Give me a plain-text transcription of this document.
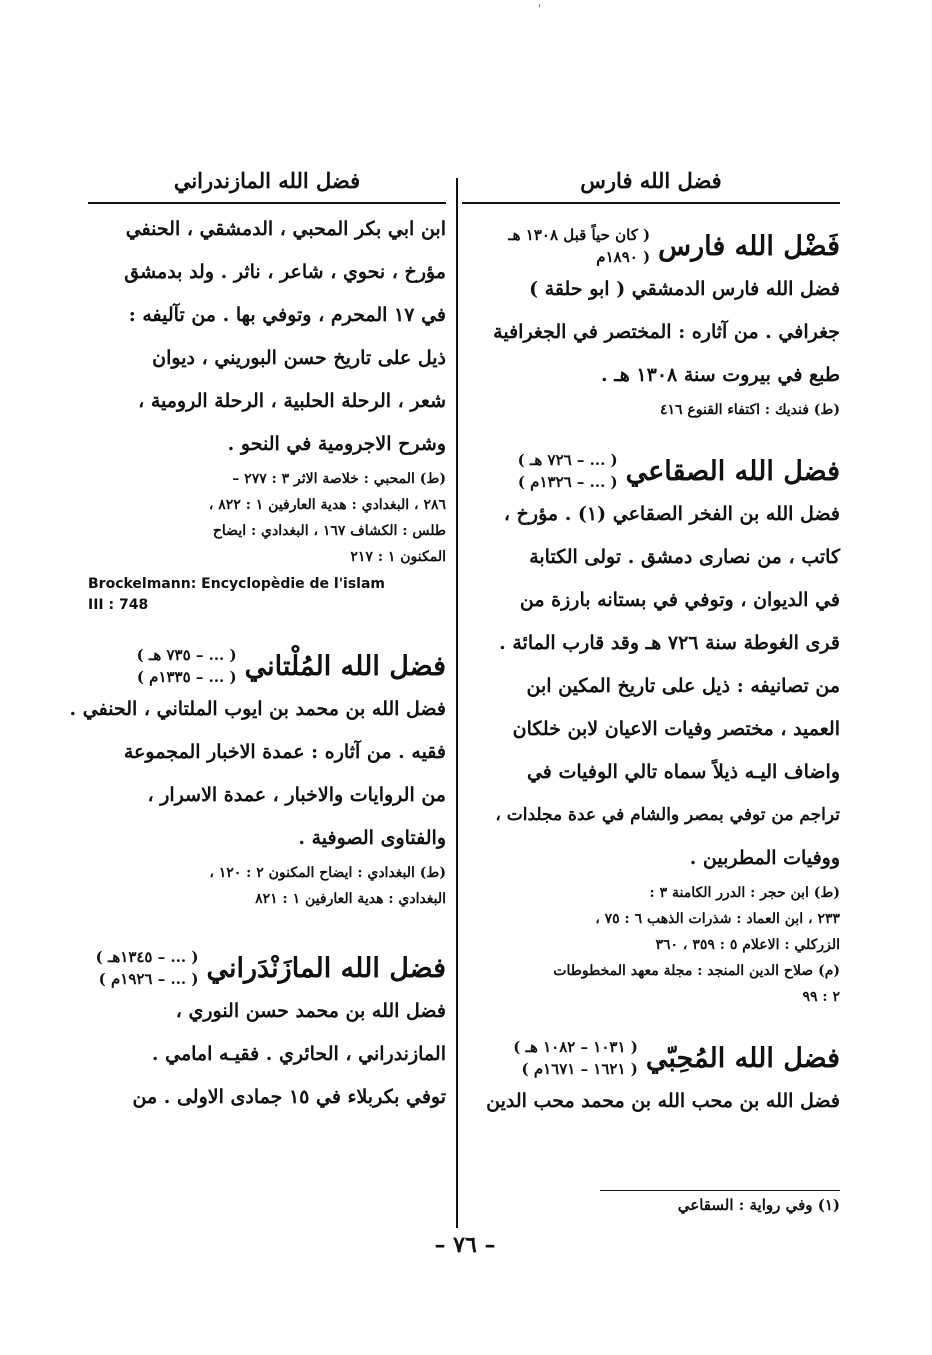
'
فضل الله فارس
فَضْل الله فارس
( كان حياً قبل ١٣٠٨ هـ
( ١٨٩٠م
فضل الله فارس الدمشقي ( ابو حلقة )
جغرافي . من آثاره : المختصر في الجغرافية
طبع في بيروت سنة ١٣٠٨ هـ .
(ط) فنديك : اكتفاء القنوع ٤١٦
فضل الله الصقاعي
( ... – ٧٢٦ هـ )
( ... – ١٣٢٦م )
فضل الله بن الفخر الصقاعي (١) . مؤرخ ،
كاتب ، من نصارى دمشق . تولى الكتابة
في الديوان ، وتوفي في بستانه بارزة من
قرى الغوطة سنة ٧٢٦ هـ وقد قارب المائة .
من تصانيفه : ذيل على تاريخ المكين ابن
العميد ، مختصر وفيات الاعيان لابن خلكان
واضاف اليـه ذيلاً سماه تالي الوفيات في
تراجم من توفي بمصر والشام في عدة مجلدات ،
ووفيات المطربين .
(ط) ابن حجر : الدرر الكامنة ٣ :
٢٣٣ ، ابن العماد : شذرات الذهب ٦ : ٧٥ ،
الزركلي : الاعلام ٥ : ٣٥٩ ، ٣٦٠
(م) صلاح الدين المنجد : مجلة معهد المخطوطات
٢ : ٩٩
فضل الله المُحِبّي
( ١٠٣١ – ١٠٨٢ هـ )
( ١٦٢١ – ١٦٧١م )
فضل الله بن محب الله بن محمد محب الدين
فضل الله المازندراني
ابن ابي بكر المحبي ، الدمشقي ، الحنفي
مؤرخ ، نحوي ، شاعر ، ناثر . ولد بدمشق
في ١٧ المحرم ، وتوفي بها . من تآليفه :
ذيل على تاريخ حسن البوريني ، ديوان
شعر ، الرحلة الحلبية ، الرحلة الرومية ،
وشرح الاجرومية في النحو .
(ط) المحبي : خلاصة الاثر ٣ : ٢٧٧ –
٢٨٦ ، البغدادي : هدية العارفين ١ : ٨٢٢ ،
طلس : الكشاف ١٦٧ ، البغدادي : ايضاح
المكنون ١ : ٢١٧
Brockelmann: Encyclopèdie de l'islam
III : 748
فضل الله المُلْتاني
( ... – ٧٣٥ هـ )
( ... – ١٣٣٥م )
فضل الله بن محمد بن ايوب الملتاني ، الحنفي .
فقيه . من آثاره : عمدة الاخبار المجموعة
من الروايات والاخبار ، عمدة الاسرار ،
والفتاوى الصوفية .
(ط) البغدادي : ايضاح المكنون ٢ : ١٢٠ ،
البغدادي : هدية العارفين ١ : ٨٢١
فضل الله المازَنْدَراني
( ... – ١٣٤٥هـ )
( ... – ١٩٢٦م )
فضل الله بن محمد حسن النوري ،
المازندراني ، الحائري . فقيـه امامي .
توفي بكربلاء في ١٥ جمادى الاولى . من
(١) وفي رواية : السقاعي
– ٧٦ –
